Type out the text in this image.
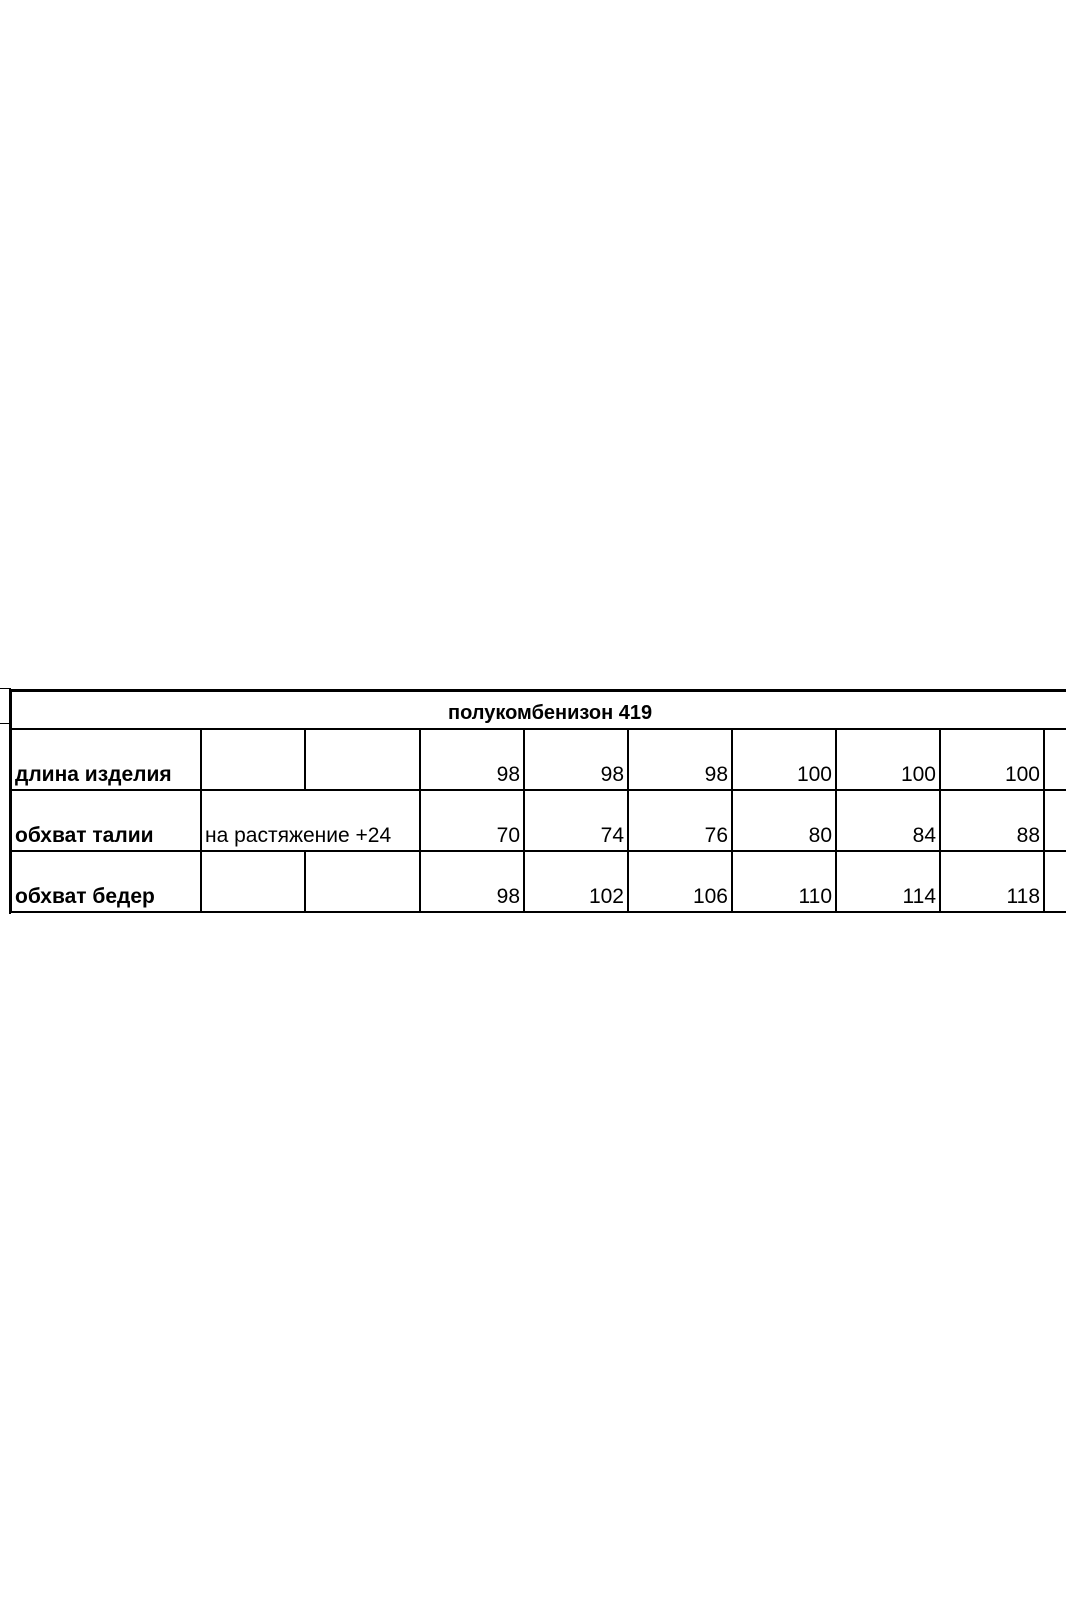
полукомбенизон 419									
длина изделия			98	98	98	100	100	100	
обхват талии	на растяжение +24		70	74	76	80	84	88	
обхват бедер			98	102	106	110	114	118	
